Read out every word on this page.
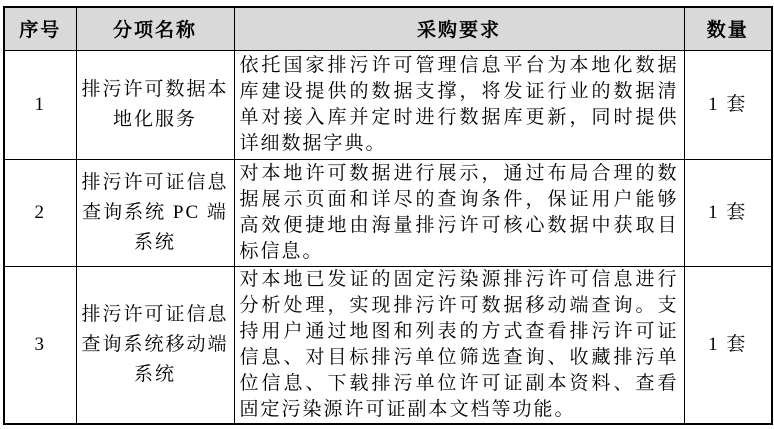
序号	分项名称	采购要求	数量
1	排污许可数据本地化服务	依托国家排污许可管理信息平台为本地化数据库建设提供的数据支撑，将发证行业的数据清单对接入库并定时进行数据库更新，同时提供详细数据字典。	1 套
2	排污许可证信息查询系统 PC 端系统	对本地许可数据进行展示，通过布局合理的数据展示页面和详尽的查询条件，保证用户能够高效便捷地由海量排污许可核心数据中获取目标信息。	1 套
3	排污许可证信息查询系统移动端系统	对本地已发证的固定污染源排污许可信息进行分析处理，实现排污许可数据移动端查询。支持用户通过地图和列表的方式查看排污许可证信息、对目标排污单位筛选查询、收藏排污单位信息、下载排污单位许可证副本资料、查看固定污染源许可证副本文档等功能。	1 套
